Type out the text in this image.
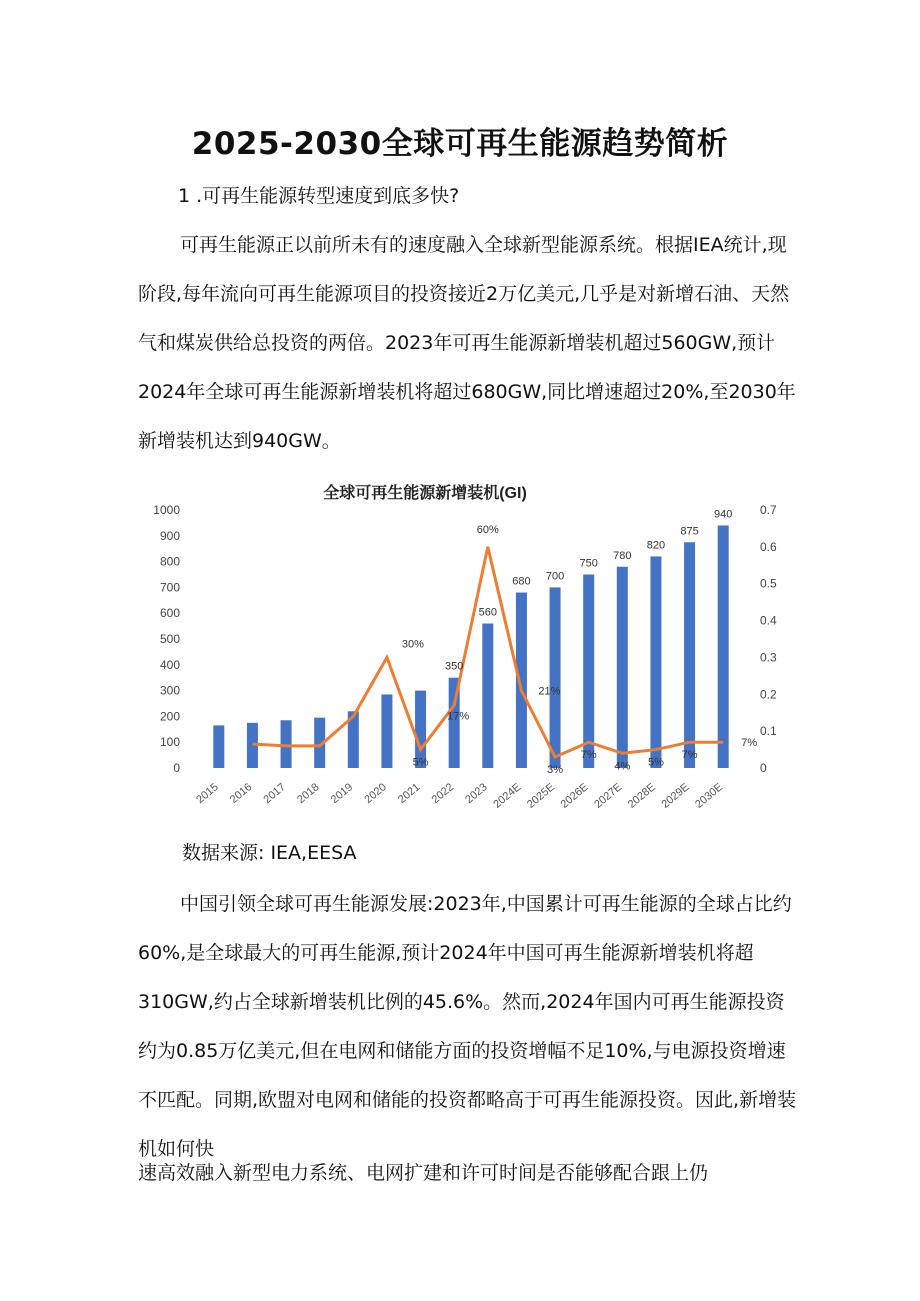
2025-2030全球可再生能源趋势简析

1 .可再生能源转型速度到底多快?

可再生能源正以前所未有的速度融入全球新型能源系统。根据IEA统计,现阶段,每年流向可再生能源项目的投资接近2万亿美元,几乎是对新增石油、天然气和煤炭供给总投资的两倍。2023年可再生能源新增装机超过560GW,预计2024年全球可再生能源新增装机将超过680GW,同比增速超过20%,至2030年新增装机达到940GW。

全球可再生能源新增装机(GI)
0
100
200
300
400
500
600
700
800
900
1000
0
0.1
0.2
0.3
0.4
0.5
0.6
0.7
2015 2016 2017 2018 2019 2020 2021 2022 2023 2024E 2025E 2026E 2027E 2028E 2029E 2030E
350
560
680 700
750
780
820
875
940
30%
5%
17%
60%
21%
3%
7%
4% 5%
7%
7%
数据来源: IEA,EESA

中国引领全球可再生能源发展:2023年,中国累计可再生能源的全球占比约60%,是全球最大的可再生能源,预计2024年中国可再生能源新增装机将超310GW,约占全球新增装机比例的45.6%。然而,2024年国内可再生能源投资约为0.85万亿美元,但在电网和储能方面的投资增幅不足10%,与电源投资增速不匹配。同期,欧盟对电网和储能的投资都略高于可再生能源投资。因此,新增装机如何快

速高效融入新型电力系统、电网扩建和许可时间是否能够配合跟上仍
